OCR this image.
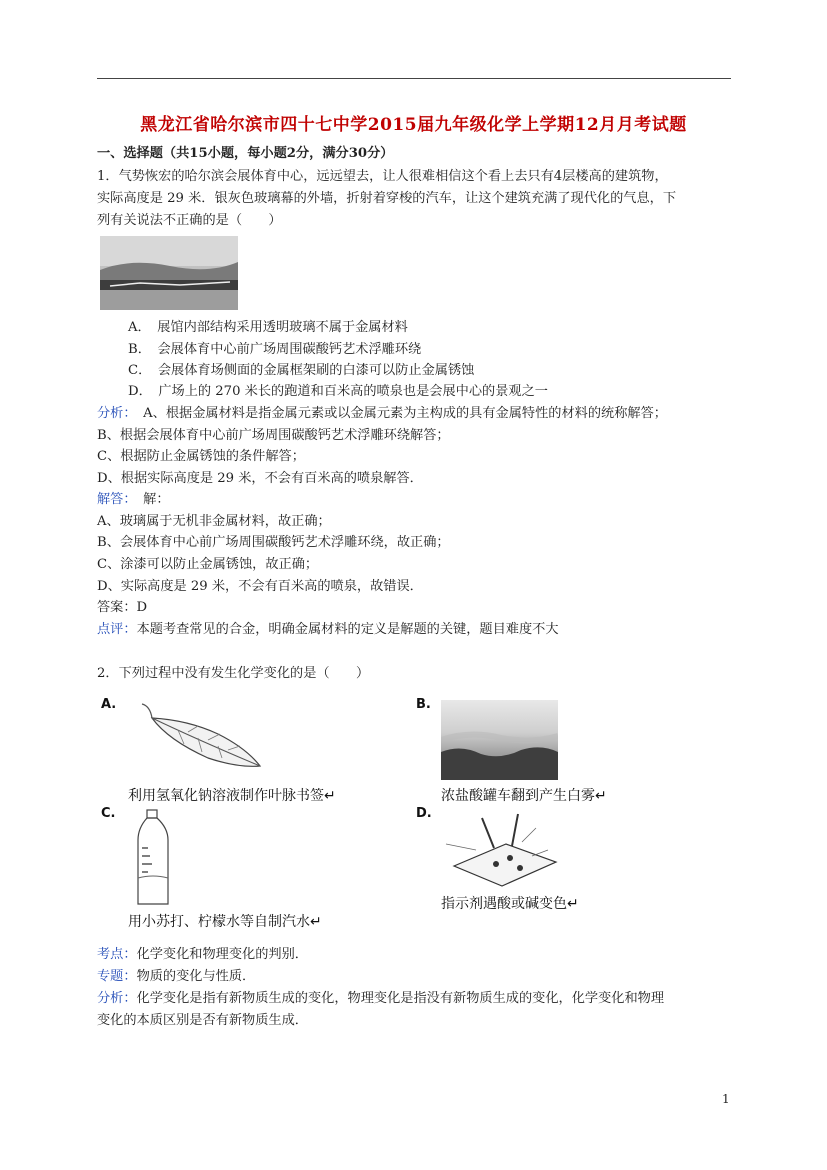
黑龙江省哈尔滨市四十七中学2015届九年级化学上学期12月月考试题
一、选择题（共15小题，每小题2分，满分30分）
1．气势恢宏的哈尔滨会展体育中心，远远望去，让人很难相信这个看上去只有4层楼高的建筑物，
实际高度是 29 米．银灰色玻璃幕的外墙，折射着穿梭的汽车，让这个建筑充满了现代化的气息，下
列有关说法不正确的是（　　）
A．　展馆内部结构采用透明玻璃不属于金属材料
B．　会展体育中心前广场周围碳酸钙艺术浮雕环绕
C．　会展体育场侧面的金属框架刷的白漆可以防止金属锈蚀
D．　广场上的 270 米长的跑道和百米高的喷泉也是会展中心的景观之一
分析：　A、根据金属材料是指金属元素或以金属元素为主构成的具有金属特性的材料的统称解答；
B、根据会展体育中心前广场周围碳酸钙艺术浮雕环绕解答；
C、根据防止金属锈蚀的条件解答；
D、根据实际高度是 29 米，不会有百米高的喷泉解答．
解答：　解：
A、玻璃属于无机非金属材料，故正确；
B、会展体育中心前广场周围碳酸钙艺术浮雕环绕，故正确；
C、涂漆可以防止金属锈蚀，故正确；
D、实际高度是 29 米，不会有百米高的喷泉，故错误．
答案：D
点评：本题考查常见的合金，明确金属材料的定义是解题的关键，题目难度不大
2．下列过程中没有发生化学变化的是（　　）
A.
利用氢氧化钠溶液制作叶脉书签↵
B.
浓盐酸罐车翻到产生白雾↵
C.
用小苏打、柠檬水等自制汽水↵
D.
指示剂遇酸或碱变色↵
考点：化学变化和物理变化的判别．
专题：物质的变化与性质．
分析：化学变化是指有新物质生成的变化，物理变化是指没有新物质生成的变化，化学变化和物理
变化的本质区别是否有新物质生成．
1
